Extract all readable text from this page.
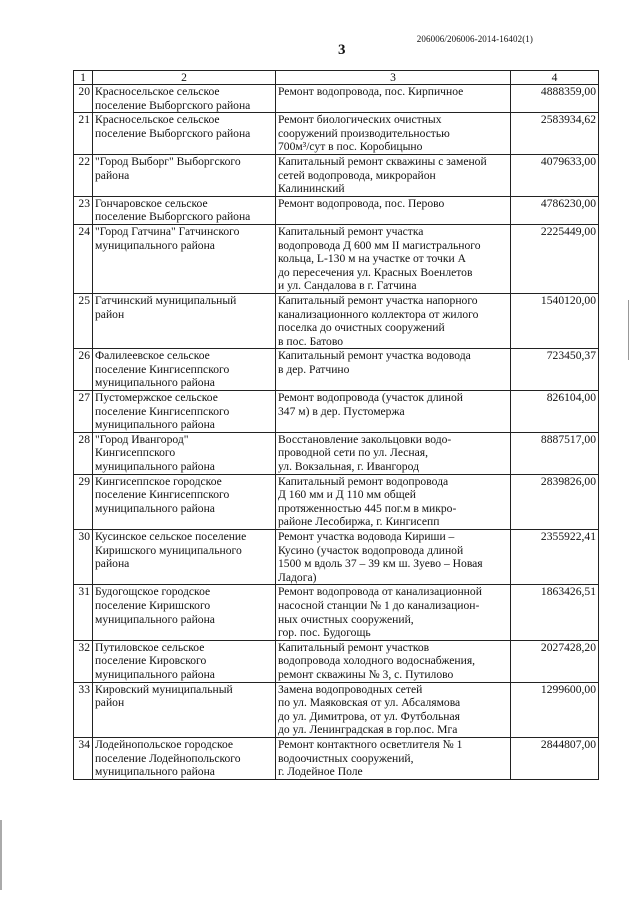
206006/206006-2014-16402(1)
3
1	2	3	4
20	Красносельское сельское
поселение Выборгского района	Ремонт водопровода, пос. Кирпичное	4888359,00
21	Красносельское сельское
поселение Выборгского района	Ремонт биологических очистных
сооружений производительностью
700м³/сут в пос. Коробицыно	2583934,62
22	"Город Выборг" Выборгского
района	Капитальный ремонт скважины с заменой
сетей водопровода, микрорайон
Калининский	4079633,00
23	Гончаровское сельское
поселение Выборгского района	Ремонт водопровода, пос. Перово	4786230,00
24	"Город Гатчина" Гатчинского
муниципального района	Капитальный ремонт участка
водопровода Д 600 мм II магистрального
кольца, L-130 м на участке от точки А
до пересечения ул. Красных Военлетов
и ул. Сандалова в г. Гатчина	2225449,00
25	Гатчинский муниципальный
район	Капитальный ремонт участка напорного
канализационного коллектора от жилого
поселка до очистных сооружений
в пос. Батово	1540120,00
26	Фалилеевское сельское
поселение Кингисеппского
муниципального района	Капитальный ремонт участка водовода
в дер. Ратчино	723450,37
27	Пустомержское сельское
поселение Кингисеппского
муниципального района	Ремонт водопровода (участок длиной
347 м) в дер. Пустомержа	826104,00
28	"Город Ивангород"
Кингисеппского
муниципального района	Восстановление закольцовки водо-
проводной сети по ул. Лесная,
ул. Вокзальная, г. Ивангород	8887517,00
29	Кингисеппское городское
поселение Кингисеппского
муниципального района	Капитальный ремонт водопровода
Д 160 мм и Д 110 мм общей
протяженностью 445 пог.м в микро-
районе Лесобиржа, г. Кингисепп	2839826,00
30	Кусинское сельское поселение
Киришского муниципального
района	Ремонт участка водовода Кириши –
Кусино (участок водопровода длиной
1500 м вдоль 37 – 39 км ш. Зуево – Новая
Ладога)	2355922,41
31	Будогощское городское
поселение Киришского
муниципального района	Ремонт водопровода от канализационной
насосной станции № 1 до канализацион-
ных очистных сооружений,
гор. пос. Будогощь	1863426,51
32	Путиловское сельское
поселение Кировского
муниципального района	Капитальный ремонт участков
водопровода холодного водоснабжения,
ремонт скважины № 3, с. Путилово	2027428,20
33	Кировский муниципальный
район	Замена водопроводных сетей
по ул. Маяковская от ул. Абсалямова
до ул. Димитрова, от ул. Футбольная
до ул. Ленинградская в гор.пос. Мга	1299600,00
34	Лодейнопольское городское
поселение Лодейнопольского
муниципального района	Ремонт контактного осветлителя № 1
водоочистных сооружений,
г. Лодейное Поле	2844807,00
